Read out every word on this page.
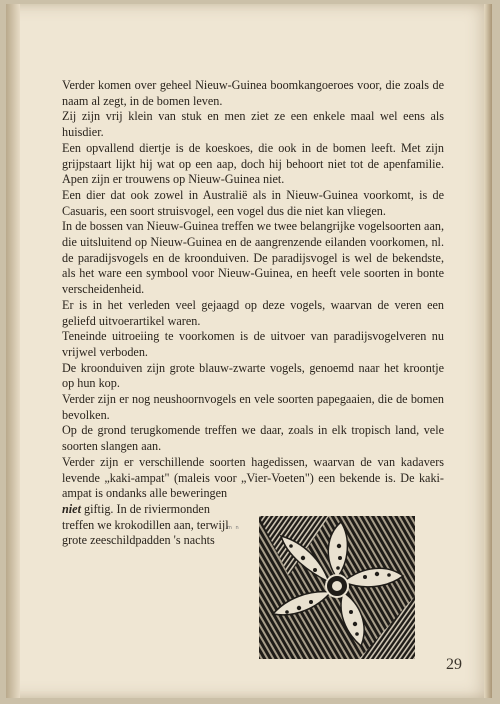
Verder komen over geheel Nieuw-Guinea boomkangoeroes voor, die zoals de naam al zegt, in de bomen leven.

Zij zijn vrij klein van stuk en men ziet ze een enkele maal wel eens als huisdier.

Een opvallend diertje is de koeskoes, die ook in de bomen leeft. Met zijn grijpstaart lijkt hij wat op een aap, doch hij behoort niet tot de apenfamilie. Apen zijn er trouwens op Nieuw-Guinea niet.

Een dier dat ook zowel in Australië als in Nieuw-Guinea voorkomt, is de Casuaris, een soort struisvogel, een vogel dus die niet kan vliegen.

In de bossen van Nieuw-Guinea treffen we twee belangrijke vogelsoorten aan, die uitsluitend op Nieuw-Guinea en de aangrenzende eilanden voorkomen, nl. de paradijsvogels en de kroonduiven. De paradijsvogel is wel de bekendste, als het ware een symbool voor Nieuw-Guinea, en heeft vele soorten in bonte verscheidenheid.

Er is in het verleden veel gejaagd op deze vogels, waarvan de veren een geliefd uitvoerartikel waren.

Teneinde uitroeiing te voorkomen is de uitvoer van paradijsvogelveren nu vrijwel verboden.

De kroonduiven zijn grote blauw-zwarte vogels, genoemd naar het kroontje op hun kop.

Verder zijn er nog neushoornvogels en vele soorten papegaaien, die de bomen bevolken.

Op de grond terugkomende treffen we daar, zoals in elk tropisch land, vele soorten slangen aan.

Verder zijn er verschillende soorten hagedissen, waarvan de van kadavers levende „kaki-ampat" (maleis voor „Vier-Voeten") een bekende is. De kaki-ampat is ondanks alle beweringen

niet giftig. In de riviermonden treffen we krokodillen aan, terwijl grote zeeschildpadden 's nachts

m n
29
